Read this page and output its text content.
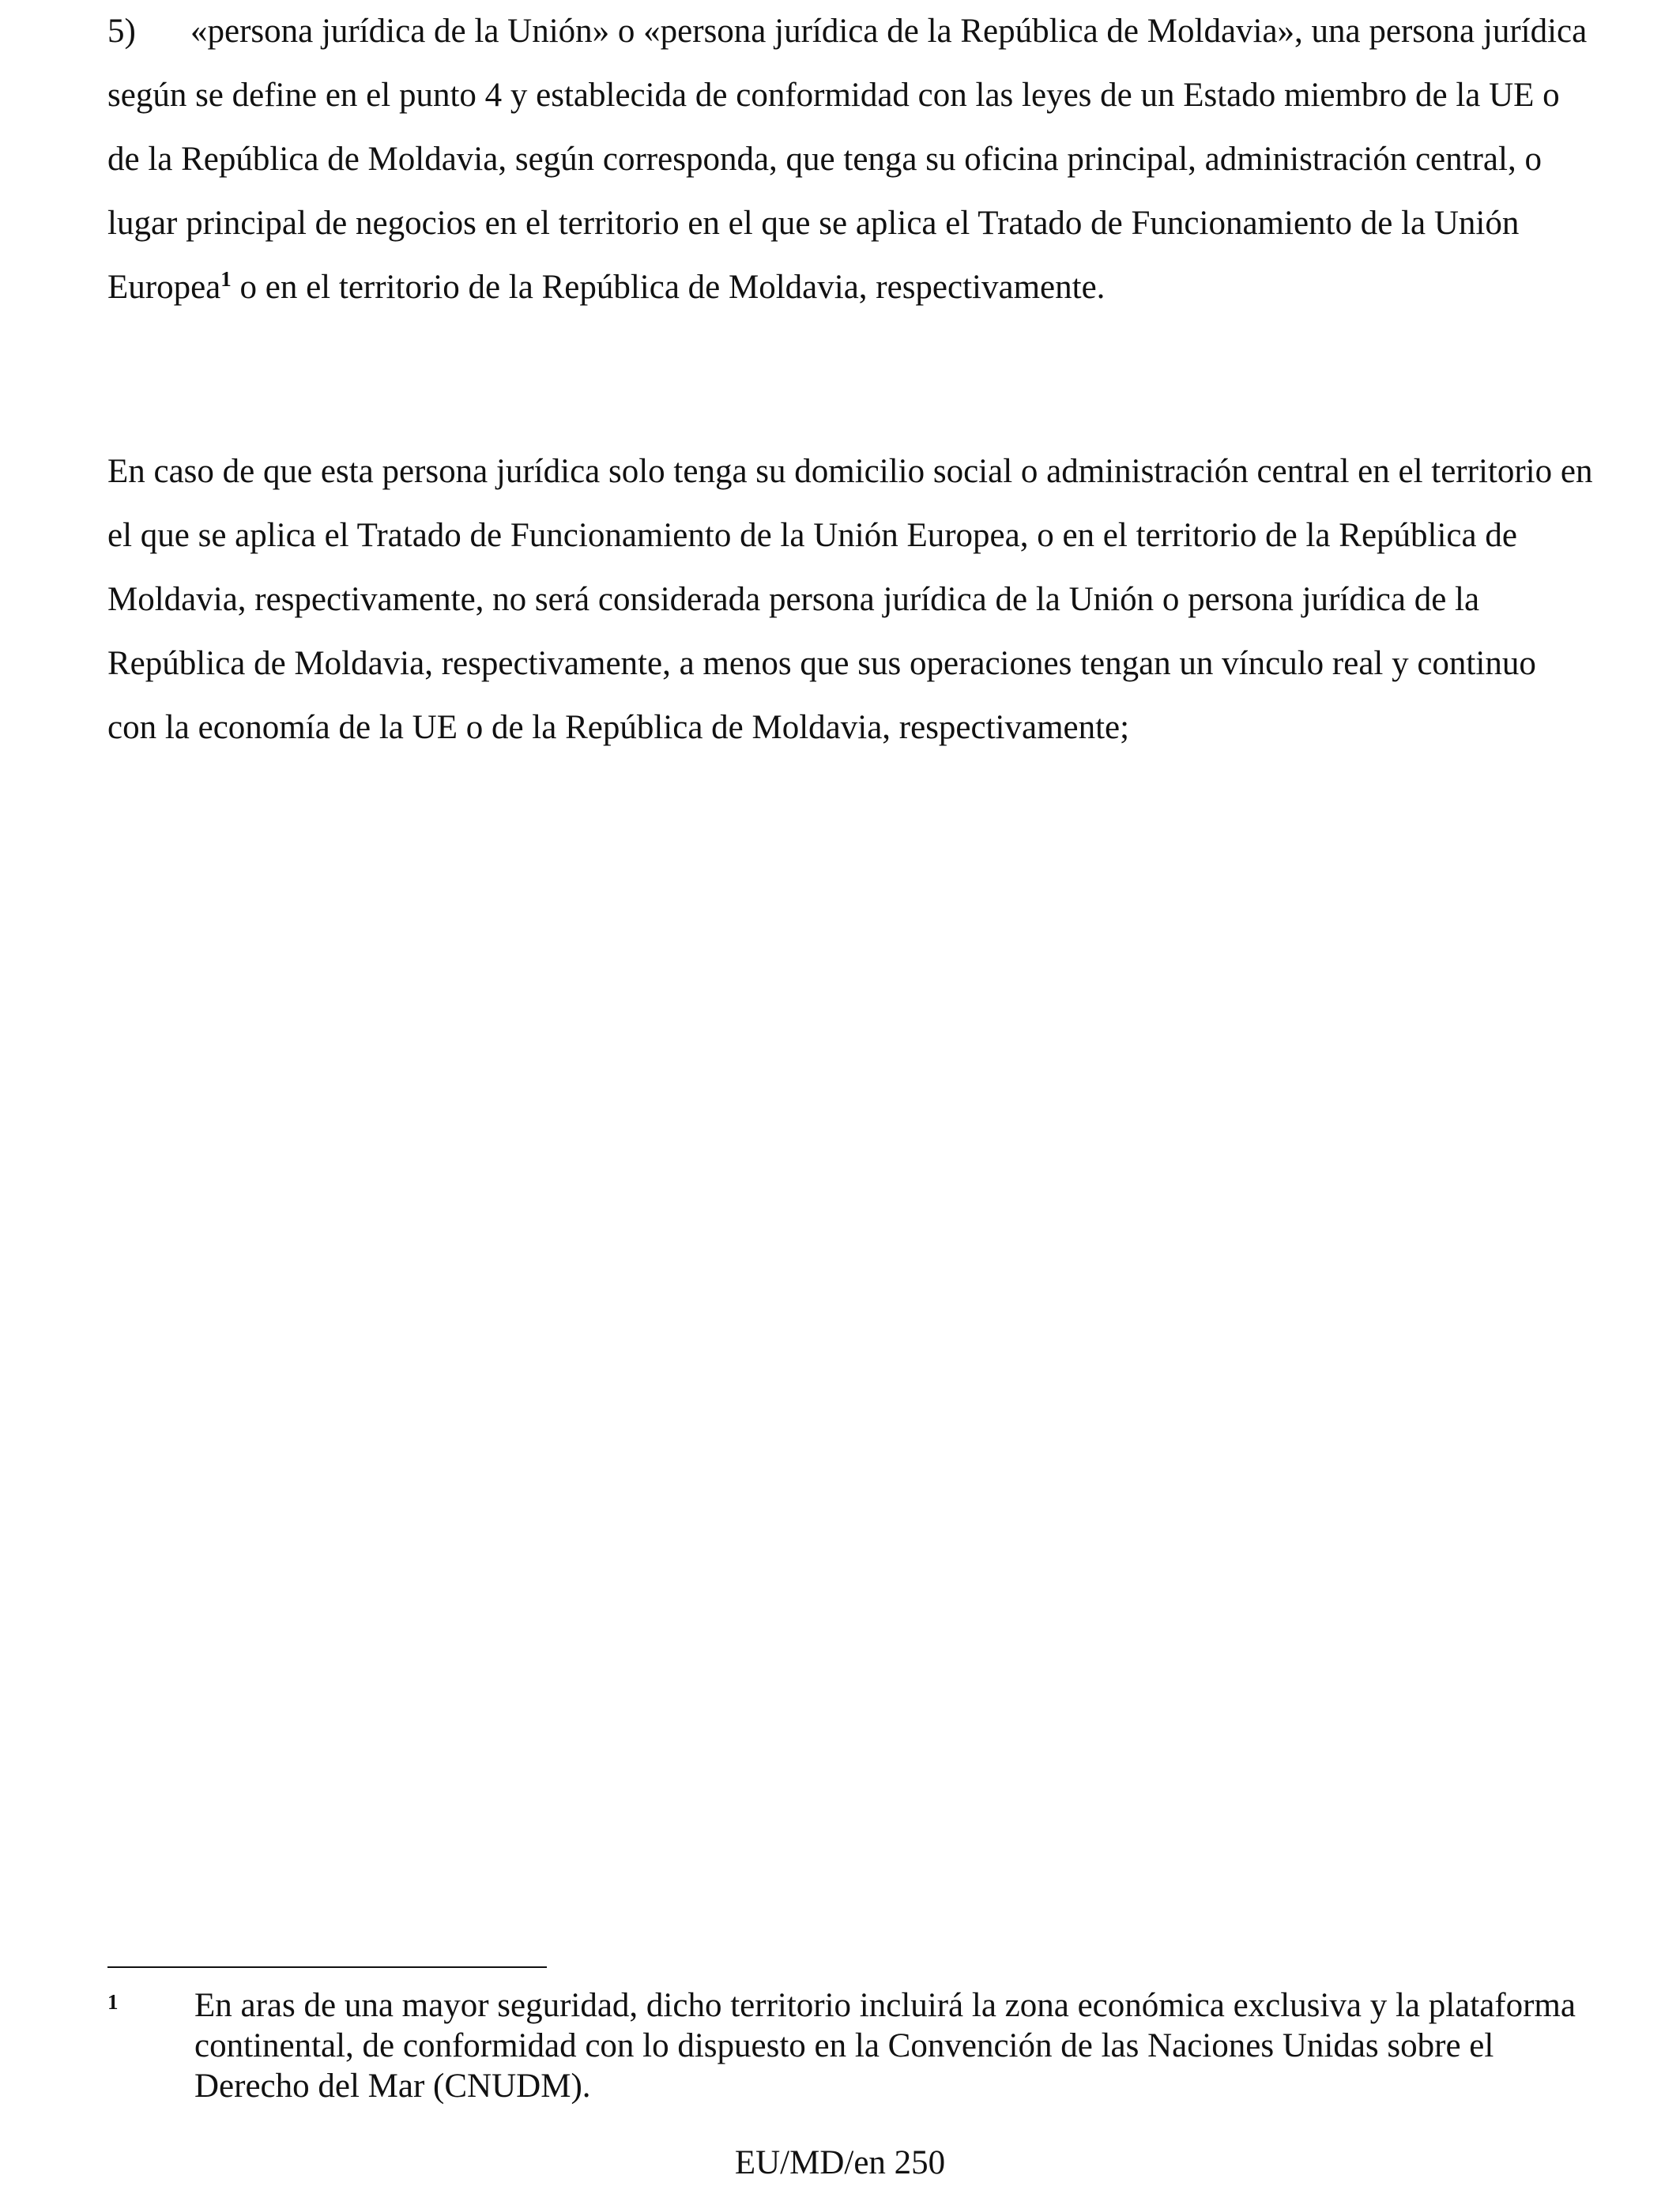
5) «persona jurídica de la Unión» o «persona jurídica de la República de Moldavia», una persona jurídica según se define en el punto 4 y establecida de conformidad con las leyes de un Estado miembro de la UE o de la República de Moldavia, según corresponda, que tenga su oficina principal, administración central, o lugar principal de negocios en el territorio en el que se aplica el Tratado de Funcionamiento de la Unión Europea$^1$ o en el territorio de la República de Moldavia, respectivamente.

En caso de que esta persona jurídica solo tenga su domicilio social o administración central en el territorio en el que se aplica el Tratado de Funcionamiento de la Unión Europea, o en el territorio de la República de Moldavia, respectivamente, no será considerada persona jurídica de la Unión o persona jurídica de la República de Moldavia, respectivamente, a menos que sus operaciones tengan un vínculo real y continuo con la economía de la UE o de la República de Moldavia, respectivamente;

1 En aras de una mayor seguridad, dicho territorio incluirá la zona económica exclusiva y la plataforma continental, de conformidad con lo dispuesto en la Convención de las Naciones Unidas sobre el Derecho del Mar (CNUDM).
EU/MD/en 250
